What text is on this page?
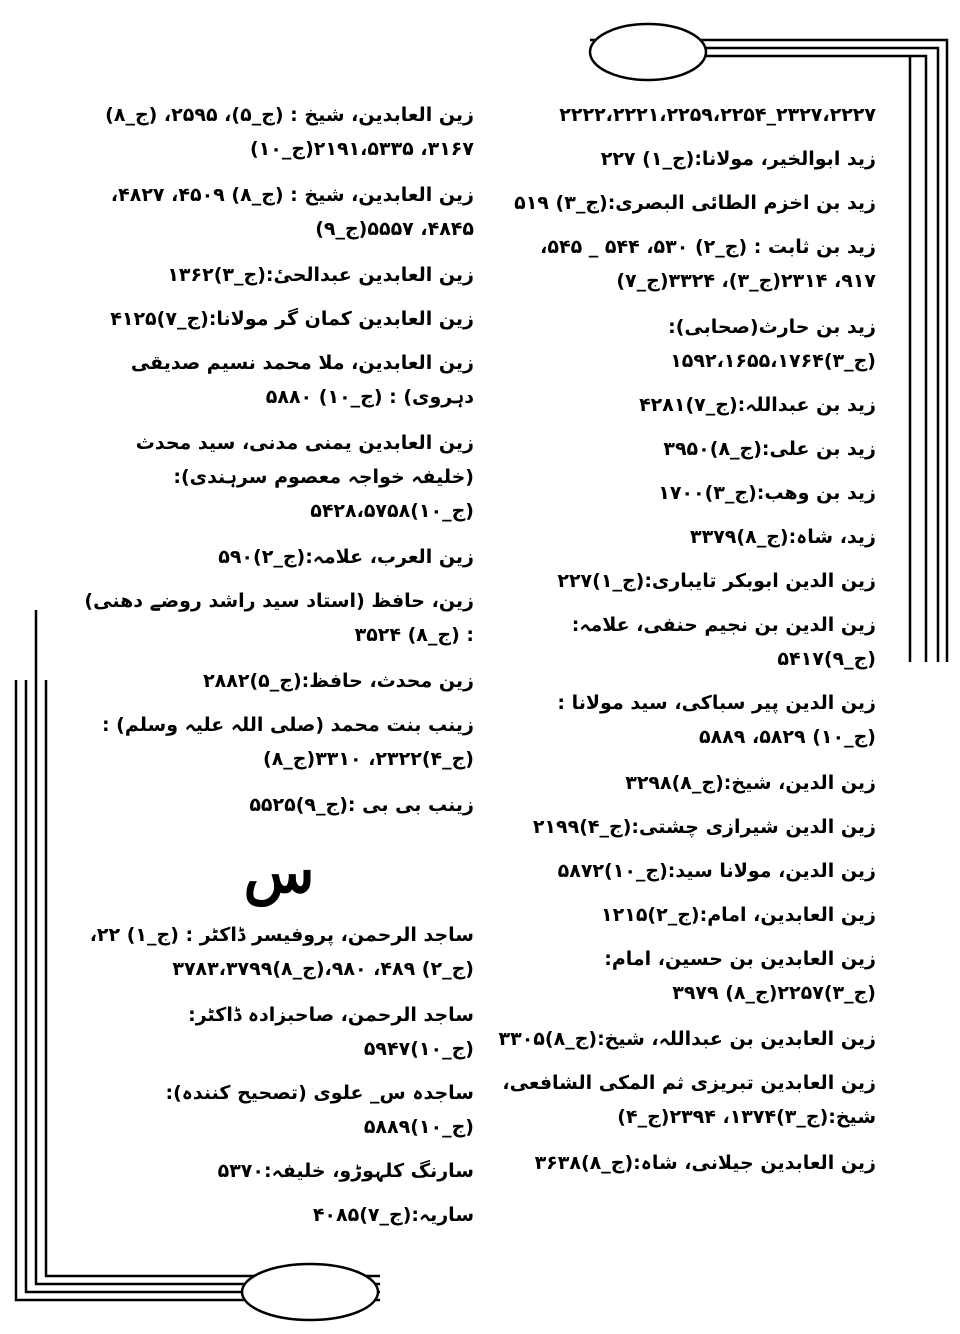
۲۳۲۷،۲۲۲۷_۲۲۲۲،۲۲۲۱،۲۲۵۹،۲۲۵۴
زید ابوالخیر، مولانا:(ج_۱) ۲۲۷
زید بن اخزم الطائی البصری:(ج_۳) ۵۱۹
زید بن ثابت : (ج_۲) ۵۳۰، ۵۴۴ _ ۵۴۵، ۹۱۷، ۲۳۱۴(ج_۳)، ۳۳۲۴(ج_۷)
زید بن حارث(صحابی):(ج_۳)۱۵۹۲،۱۶۵۵،۱۷۶۴
زید بن عبداللہ:(ج_۷)۴۲۸۱
زید بن علی:(ج_۸)۳۹۵۰
زید بن وهب:(ج_۳)۱۷۰۰
زید، شاہ:(ج_۸)۳۳۷۹
زین الدین ابوبکر تایباری:(ج_۱)۲۲۷
زین الدین بن نجیم حنفی، علامہ:(ج_۹)۵۴۱۷
زین الدین پیر سباکی، سید مولانا : (ج_۱۰) ۵۸۲۹، ۵۸۸۹
زین الدین، شیخ:(ج_۸)۳۲۹۸
زین الدین شیرازی چشتی:(ج_۴)۲۱۹۹
زین الدین، مولانا سید:(ج_۱۰)۵۸۷۲
زین العابدین، امام:(ج_۲)۱۲۱۵
زین العابدین بن حسین، امام:(ج_۳)۲۲۵۷(ج_۸) ۳۹۷۹
زین العابدین بن عبداللہ، شیخ:(ج_۸)۳۳۰۵
زین العابدین تبریزی ثم المکی الشافعی، شیخ:(ج_۳)۱۳۷۴، ۲۳۹۴(ج_۴)
زین العابدین جیلانی، شاہ:(ج_۸)۳۶۳۸
زین العابدین، شیخ : (ج_۵)، ۲۵۹۵، (ج_۸) ۳۱۶۷، ۲۱۹۱،۵۳۳۵(ج_۱۰)
زین العابدین، شیخ : (ج_۸) ۴۵۰۹، ۴۸۲۷، ۴۸۴۵، ۵۵۵۷(ج_۹)
زین العابدین عبدالحیٔ:(ج_۳)۱۳۶۲
زین العابدین کمان گر مولانا:(ج_۷)۴۱۲۵
زین العابدین، ملا محمد نسیم صدیقی دہروی) : (ج_۱۰) ۵۸۸۰
زین العابدین یمنی مدنی، سید محدث (خلیفہ خواجہ معصوم سرہندی):(ج_۱۰)۵۴۲۸،۵۷۵۸
زین العرب، علامہ:(ج_۲)۵۹۰
زین، حافظ (استاد سید راشد روضے دھنی) : (ج_۸) ۳۵۲۴
زین محدث، حافظ:(ج_۵)۲۸۸۲
زینب بنت محمد (صلی اللہ علیہ وسلم) : (ج_۴)۲۳۲۲، ۳۳۱۰(ج_۸)
زینب بی بی :(ج_۹)۵۵۲۵
س
ساجد الرحمن، پروفیسر ڈاکٹر : (ج_۱) ۲۲، (ج_۲) ۴۸۹، ۹۸۰،(ج_۸)۳۷۸۳،۳۷۹۹
ساجد الرحمن، صاحبزادہ ڈاکٹر:(ج_۱۰)۵۹۴۷
ساجدہ س_ علوی (تصحیح کنندہ):(ج_۱۰)۵۸۸۹
سارنگ کلہوڑو، خلیفہ:۵۳۷۰
ساریہ:(ج_۷)۴۰۸۵
